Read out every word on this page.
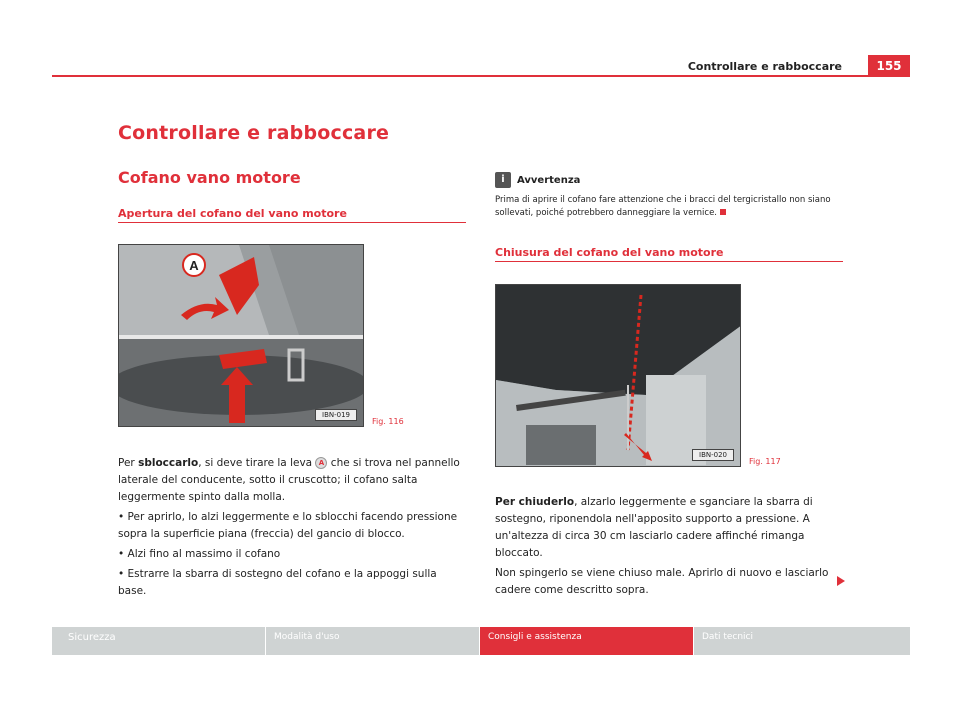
Controllare e rabboccare	155
Controllare e rabboccare
Cofano vano motore
Apertura del cofano del vano motore
A
IBN-019
Fig. 116

Per sbloccarlo, si deve tirare la leva A che si trova nel pannello laterale del conducente, sotto il cruscotto; il cofano salta leggermente spinto dalla molla.

• Per aprirlo, lo alzi leggermente e lo sblocchi facendo pressione sopra la superficie piana (freccia) del gancio di blocco.

• Alzi fino al massimo il cofano

• Estrarre la sbarra di sostegno del cofano e la appoggi sulla base.

i	Avvertenza
Prima di aprire il cofano fare attenzione che i bracci del tergicristallo non siano sollevati, poiché potrebbero danneggiare la vernice.
Chiusura del cofano del vano motore
IBN-020
Fig. 117

Per chiuderlo, alzarlo leggermente e sganciare la sbarra di sostegno, riponendola nell'apposito supporto a pressione. A un'altezza di circa 30 cm lasciarlo cadere affinché rimanga bloccato.

Non spingerlo se viene chiuso male. Aprirlo di nuovo e lasciarlo cadere come descritto sopra.

Sicurezza	Modalità d'uso	Consigli e assistenza	Dati tecnici
